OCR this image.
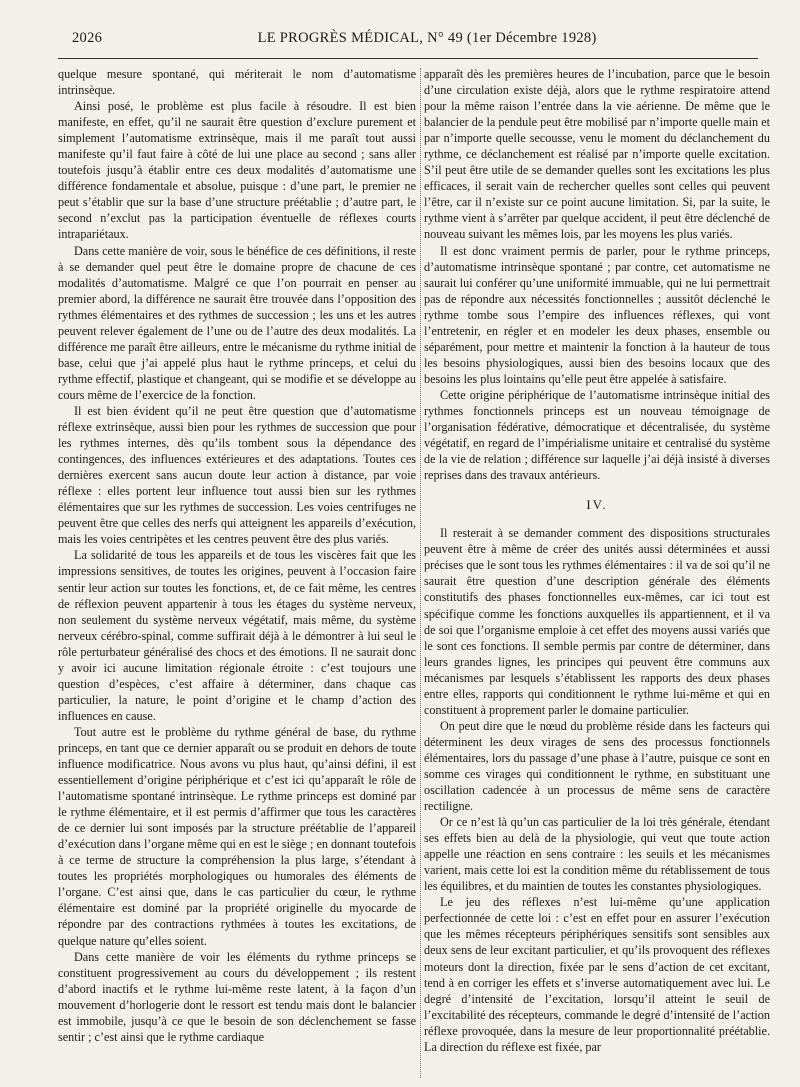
2026	LE PROGRÈS MÉDICAL, N° 49 (1er Décembre 1928)

quelque mesure spontané, qui mériterait le nom d’automatisme intrinsèque.

Ainsi posé, le problème est plus facile à résoudre. Il est bien manifeste, en effet, qu’il ne saurait être question d’exclure purement et simplement l’automatisme extrinsèque, mais il me paraît tout aussi manifeste qu’il faut faire à côté de lui une place au second ; sans aller toutefois jusqu’à établir entre ces deux modalités d’automatisme une différence fondamentale et absolue, puisque : d’une part, le premier ne peut s’établir que sur la base d’une structure préétablie ; d’autre part, le second n’exclut pas la participation éventuelle de réflexes courts intrapariétaux.

Dans cette manière de voir, sous le bénéfice de ces définitions, il reste à se demander quel peut être le domaine propre de chacune de ces modalités d’automatisme. Malgré ce que l’on pourrait en penser au premier abord, la différence ne saurait être trouvée dans l’opposition des rythmes élémentaires et des rythmes de succession ; les uns et les autres peuvent relever également de l’une ou de l’autre des deux modalités. La différence me paraît être ailleurs, entre le mécanisme du rythme initial de base, celui que j’ai appelé plus haut le rythme princeps, et celui du rythme effectif, plastique et changeant, qui se modifie et se développe au cours même de l’exercice de la fonction.

Il est bien évident qu’il ne peut être question que d’automatisme réflexe extrinsèque, aussi bien pour les rythmes de succession que pour les rythmes internes, dès qu’ils tombent sous la dépendance des contingences, des influences extérieures et des adaptations. Toutes ces dernières exercent sans aucun doute leur action à distance, par voie réflexe : elles portent leur influence tout aussi bien sur les rythmes élémentaires que sur les rythmes de succession. Les voies centrifuges ne peuvent être que celles des nerfs qui atteignent les appareils d’exécution, mais les voies centripètes et les centres peuvent être des plus variés.

La solidarité de tous les appareils et de tous les viscères fait que les impressions sensitives, de toutes les origines, peuvent à l’occasion faire sentir leur action sur toutes les fonctions, et, de ce fait même, les centres de réflexion peuvent appartenir à tous les étages du système nerveux, non seulement du système nerveux végétatif, mais même, du système nerveux cérébro-spinal, comme suffirait déjà à le démontrer à lui seul le rôle perturbateur généralisé des chocs et des émotions. Il ne saurait donc y avoir ici aucune limitation régionale étroite : c’est toujours une question d’espèces, c’est affaire à déterminer, dans chaque cas particulier, la nature, le point d’origine et le champ d’action des influences en cause.

Tout autre est le problème du rythme général de base, du rythme princeps, en tant que ce dernier apparaît ou se produit en dehors de toute influence modificatrice. Nous avons vu plus haut, qu’ainsi défini, il est essentiellement d’origine périphérique et c’est ici qu’apparaît le rôle de l’automatisme spontané intrinsèque. Le rythme princeps est dominé par le rythme élémentaire, et il est permis d’affirmer que tous les caractères de ce dernier lui sont imposés par la structure préétablie de l’appareil d’exécution dans l’organe même qui en est le siège ; en donnant toutefois à ce terme de structure la compréhension la plus large, s’étendant à toutes les propriétés morphologiques ou humorales des éléments de l’organe. C’est ainsi que, dans le cas particulier du cœur, le rythme élémentaire est dominé par la propriété originelle du myocarde de répondre par des contractions rythmées à toutes les excitations, de quelque nature qu’elles soient.

Dans cette manière de voir les éléments du rythme princeps se constituent progressivement au cours du développement ; ils restent d’abord inactifs et le rythme lui-même reste latent, à la façon d’un mouvement d’horlogerie dont le ressort est tendu mais dont le balancier est immobile, jusqu’à ce que le besoin de son déclenchement se fasse sentir ; c’est ainsi que le rythme cardiaque

apparaît dès les premières heures de l’incubation, parce que le besoin d’une circulation existe déjà, alors que le rythme respiratoire attend pour la même raison l’entrée dans la vie aérienne. De même que le balancier de la pendule peut être mobilisé par n’importe quelle main et par n’importe quelle secousse, venu le moment du déclanchement du rythme, ce déclanchement est réalisé par n’importe quelle excitation. S’il peut être utile de se demander quelles sont les excitations les plus efficaces, il serait vain de rechercher quelles sont celles qui peuvent l’être, car il n’existe sur ce point aucune limitation. Si, par la suite, le rythme vient à s’arrêter par quelque accident, il peut être déclenché de nouveau suivant les mêmes lois, par les moyens les plus variés.

Il est donc vraiment permis de parler, pour le rythme princeps, d’automatisme intrinsèque spontané ; par contre, cet automatisme ne saurait lui conférer qu’une uniformité immuable, qui ne lui permettrait pas de répondre aux nécessités fonctionnelles ; aussitôt déclenché le rythme tombe sous l’empire des influences réflexes, qui vont l’entretenir, en régler et en modeler les deux phases, ensemble ou séparément, pour mettre et maintenir la fonction à la hauteur de tous les besoins physiologiques, aussi bien des besoins locaux que des besoins les plus lointains qu’elle peut être appelée à satisfaire.

Cette origine périphérique de l’automatisme intrinsèque initial des rythmes fonctionnels princeps est un nouveau témoignage de l’organisation fédérative, démocratique et décentralisée, du système végétatif, en regard de l’impérialisme unitaire et centralisé du système de la vie de relation ; différence sur laquelle j’ai déjà insisté à diverses reprises dans des travaux antérieurs.

IV.

Il resterait à se demander comment des dispositions structurales peuvent être à même de créer des unités aussi déterminées et aussi précises que le sont tous les rythmes élémentaires : il va de soi qu’il ne saurait être question d’une description générale des éléments constitutifs des phases fonctionnelles eux-mêmes, car ici tout est spécifique comme les fonctions auxquelles ils appartiennent, et il va de soi que l’organisme emploie à cet effet des moyens aussi variés que le sont ces fonctions. Il semble permis par contre de déterminer, dans leurs grandes lignes, les principes qui peuvent être communs aux mécanismes par lesquels s’établissent les rapports des deux phases entre elles, rapports qui conditionnent le rythme lui-même et qui en constituent à proprement parler le domaine particulier.

On peut dire que le nœud du problème réside dans les facteurs qui déterminent les deux virages de sens des processus fonctionnels élémentaires, lors du passage d’une phase à l’autre, puisque ce sont en somme ces virages qui conditionnent le rythme, en substituant une oscillation cadencée à un processus de même sens de caractère rectiligne.

Or ce n’est là qu’un cas particulier de la loi très générale, étendant ses effets bien au delà de la physiologie, qui veut que toute action appelle une réaction en sens contraire : les seuils et les mécanismes varient, mais cette loi est la condition même du rétablissement de tous les équilibres, et du maintien de toutes les constantes physiologiques.

Le jeu des réflexes n’est lui-même qu’une application perfectionnée de cette loi : c’est en effet pour en assurer l’exécution que les mêmes récepteurs périphériques sensitifs sont sensibles aux deux sens de leur excitant particulier, et qu’ils provoquent des réflexes moteurs dont la direction, fixée par le sens d’action de cet excitant, tend à en corriger les effets et s’inverse automatiquement avec lui. Le degré d’intensité de l’excitation, lorsqu’il atteint le seuil de l’excitabilité des récepteurs, commande le degré d’intensité de l’action réflexe provoquée, dans la mesure de leur proportionnalité préétablie. La direction du réflexe est fixée, par
